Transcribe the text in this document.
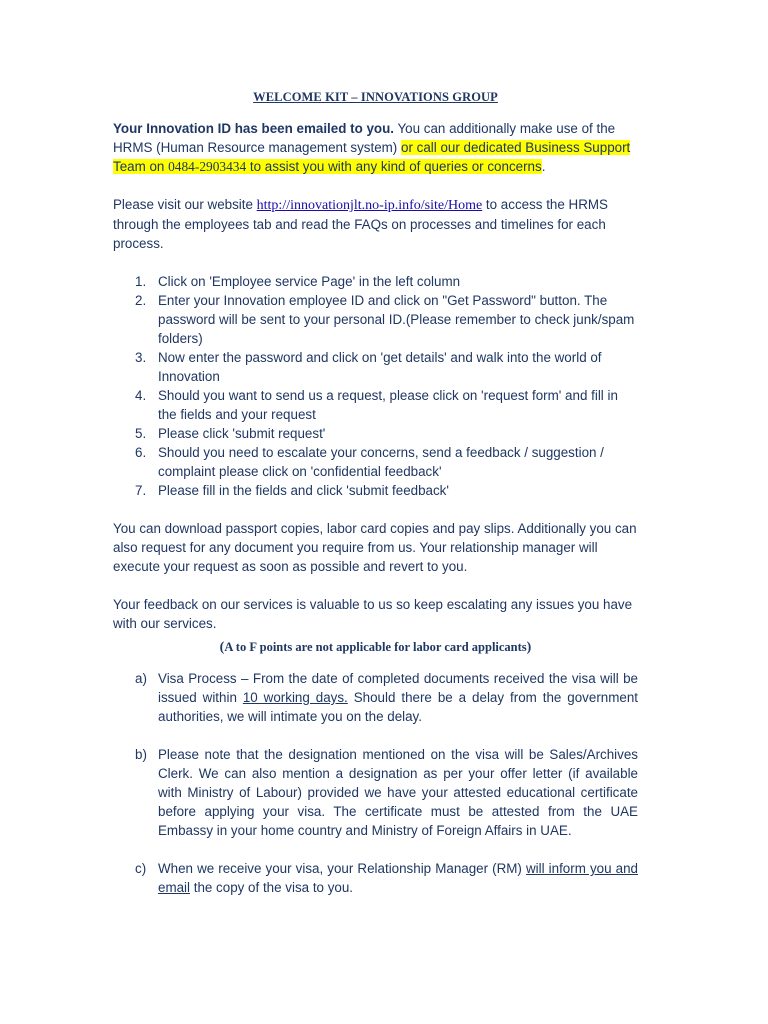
WELCOME KIT – INNOVATIONS GROUP

Your Innovation ID has been emailed to you. You can additionally make use of the HRMS (Human Resource management system) or call our dedicated Business Support Team on 0484-2903434 to assist you with any kind of queries or concerns.

Please visit our website http://innovationjlt.no-ip.info/site/Home to access the HRMS through the employees tab and read the FAQs on processes and timelines for each process.

1. Click on 'Employee service Page' in the left column
2. Enter your Innovation employee ID and click on "Get Password" button. The password will be sent to your personal ID.(Please remember to check junk/spam folders)
3. Now enter the password and click on 'get details' and walk into the world of Innovation
4. Should you want to send us a request, please click on 'request form' and fill in the fields and your request
5. Please click 'submit request'
6. Should you need to escalate your concerns, send a feedback / suggestion / complaint please click on 'confidential feedback'
7. Please fill in the fields and click 'submit feedback'

You can download passport copies, labor card copies and pay slips. Additionally you can also request for any document you require from us. Your relationship manager will execute your request as soon as possible and revert to you.

Your feedback on our services is valuable to us so keep escalating any issues you have with our services.

(A to F points are not applicable for labor card applicants)
a) Visa Process – From the date of completed documents received the visa will be issued within 10 working days. Should there be a delay from the government authorities, we will intimate you on the delay.
b) Please note that the designation mentioned on the visa will be Sales/Archives Clerk. We can also mention a designation as per your offer letter (if available with Ministry of Labour) provided we have your attested educational certificate before applying your visa. The certificate must be attested from the UAE Embassy in your home country and Ministry of Foreign Affairs in UAE.
c) When we receive your visa, your Relationship Manager (RM) will inform you and email the copy of the visa to you.
